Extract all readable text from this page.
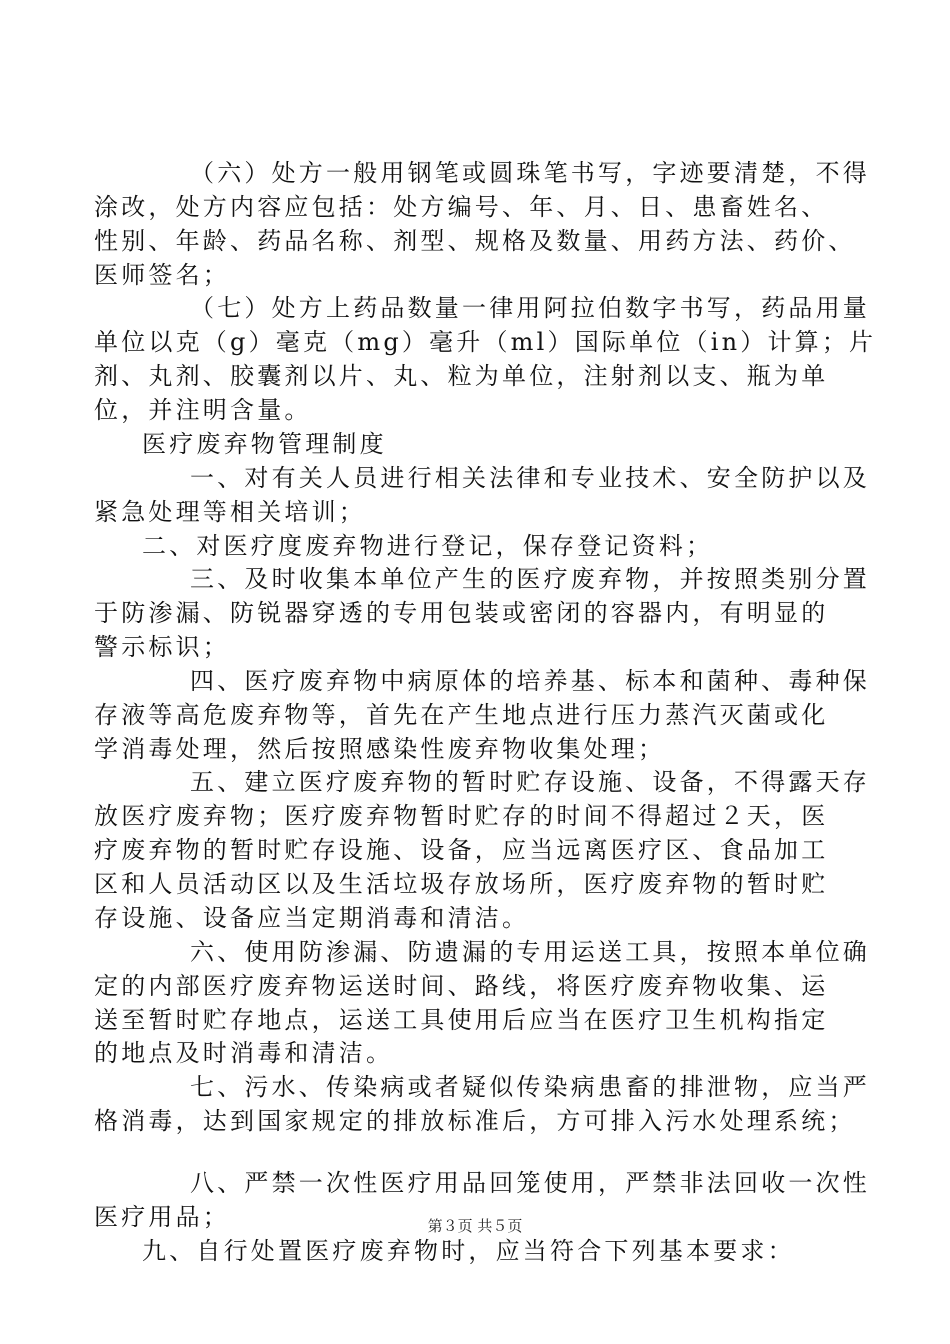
（六）处方一般用钢笔或圆珠笔书写，字迹要清楚，不得
涂改，处方内容应包括：处方编号、年、月、日、患畜姓名、
性别、年龄、药品名称、剂型、规格及数量、用药方法、药价、
医师签名；
（七）处方上药品数量一律用阿拉伯数字书写，药品用量
单位以克（g）毫克（mg）毫升（ml）国际单位（in）计算；片
剂、丸剂、胶囊剂以片、丸、粒为单位，注射剂以支、瓶为单
位，并注明含量。
医疗废弃物管理制度
一、对有关人员进行相关法律和专业技术、安全防护以及
紧急处理等相关培训；
二、对医疗度废弃物进行登记，保存登记资料；
三、及时收集本单位产生的医疗废弃物，并按照类别分置
于防渗漏、防锐器穿透的专用包装或密闭的容器内，有明显的
警示标识；
四、医疗废弃物中病原体的培养基、标本和菌种、毒种保
存液等高危废弃物等，首先在产生地点进行压力蒸汽灭菌或化
学消毒处理，然后按照感染性废弃物收集处理；
五、建立医疗废弃物的暂时贮存设施、设备，不得露天存
放医疗废弃物；医疗废弃物暂时贮存的时间不得超过２天，医
疗废弃物的暂时贮存设施、设备，应当远离医疗区、食品加工
区和人员活动区以及生活垃圾存放场所，医疗废弃物的暂时贮
存设施、设备应当定期消毒和清洁。
六、使用防渗漏、防遗漏的专用运送工具，按照本单位确
定的内部医疗废弃物运送时间、路线，将医疗废弃物收集、运
送至暂时贮存地点，运送工具使用后应当在医疗卫生机构指定
的地点及时消毒和清洁。
七、污水、传染病或者疑似传染病患畜的排泄物，应当严
格消毒，达到国家规定的排放标准后，方可排入污水处理系统；
八、严禁一次性医疗用品回笼使用，严禁非法回收一次性
医疗用品；
九、自行处置医疗废弃物时，应当符合下列基本要求：
第３页 共５页
